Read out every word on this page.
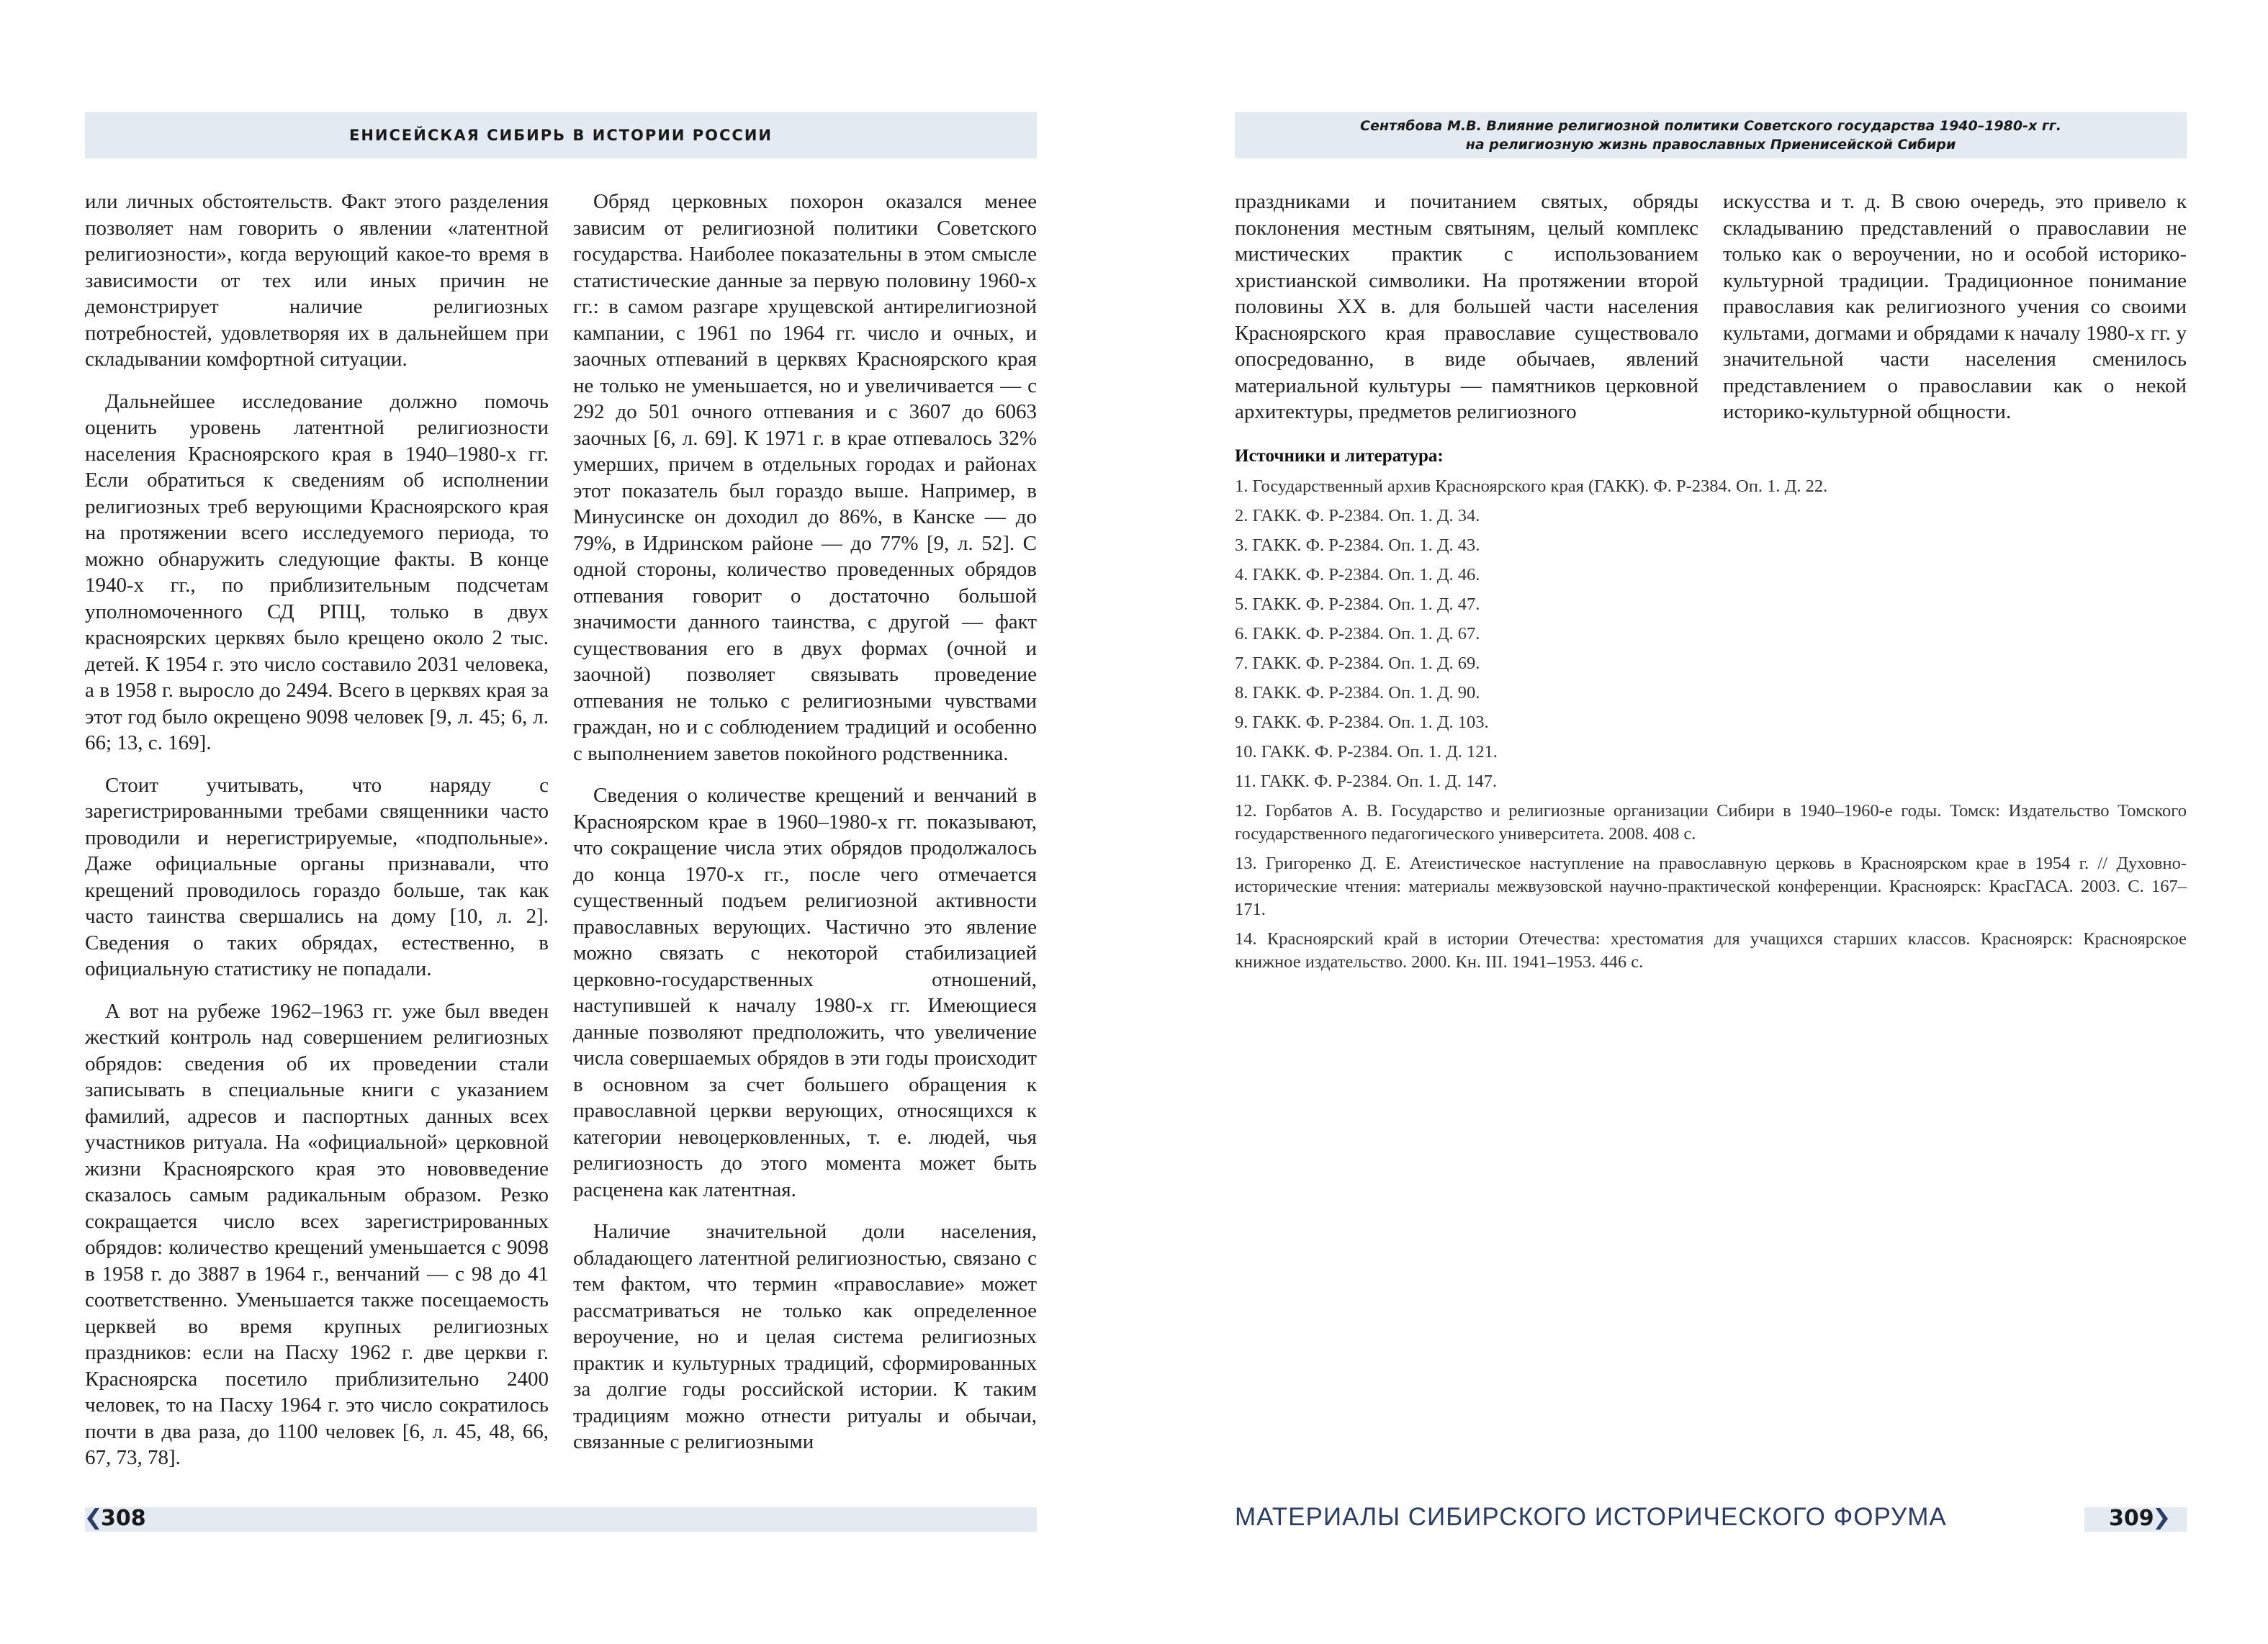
ЕНИСЕЙСКАЯ СИБИРЬ В ИСТОРИИ РОССИИ

или личных обстоятельств. Факт этого разделения позволяет нам говорить о явлении «латентной религиозности», когда верующий какое-то время в зависимости от тех или иных причин не демонстрирует наличие религиозных потребностей, удовлетворяя их в дальнейшем при складывании комфортной ситуации.

Дальнейшее исследование должно помочь оценить уровень латентной религиозности населения Красноярского края в 1940–1980-х гг. Если обратиться к сведениям об исполнении религиозных треб верующими Красноярского края на протяжении всего исследуемого периода, то можно обнаружить следующие факты. В конце 1940-х гг., по приблизительным подсчетам уполномоченного СД РПЦ, только в двух красноярских церквях было крещено около 2 тыс. детей. К 1954 г. это число составило 2031 человека, а в 1958 г. выросло до 2494. Всего в церквях края за этот год было окрещено 9098 человек [9, л. 45; 6, л. 66; 13, с. 169].

Стоит учитывать, что наряду с зарегистрированными требами священники часто проводили и нерегистрируемые, «подпольные». Даже официальные органы признавали, что крещений проводилось гораздо больше, так как часто таинства свершались на дому [10, л. 2]. Сведения о таких обрядах, естественно, в официальную статистику не попадали.

А вот на рубеже 1962–1963 гг. уже был введен жесткий контроль над совершением религиозных обрядов: сведения об их проведении стали записывать в специальные книги с указанием фамилий, адресов и паспортных данных всех участников ритуала. На «официальной» церковной жизни Красноярского края это нововведение сказалось самым радикальным образом. Резко сокращается число всех зарегистрированных обрядов: количество крещений уменьшается с 9098 в 1958 г. до 3887 в 1964 г., венчаний — с 98 до 41 соответственно. Уменьшается также посещаемость церквей во время крупных религиозных праздников: если на Пасху 1962 г. две церкви г. Красноярска посетило приблизительно 2400 человек, то на Пасху 1964 г. это число сократилось почти в два раза, до 1100 человек [6, л. 45, 48, 66, 67, 73, 78].

Обряд церковных похорон оказался менее зависим от религиозной политики Советского государства. Наиболее показательны в этом смысле статистические данные за первую половину 1960-х гг.: в самом разгаре хрущевской антирелигиозной кампании, с 1961 по 1964 гг. число и очных, и заочных отпеваний в церквях Красноярского края не только не уменьшается, но и увеличивается — с 292 до 501 очного отпевания и с 3607 до 6063 заочных [6, л. 69]. К 1971 г. в крае отпевалось 32% умерших, причем в отдельных городах и районах этот показатель был гораздо выше. Например, в Минусинске он доходил до 86%, в Канске — до 79%, в Идринском районе — до 77% [9, л. 52]. С одной стороны, количество проведенных обрядов отпевания говорит о достаточно большой значимости данного таинства, с другой — факт существования его в двух формах (очной и заочной) позволяет связывать проведение отпевания не только с религиозными чувствами граждан, но и с соблюдением традиций и особенно с выполнением заветов покойного родственника.

Сведения о количестве крещений и венчаний в Красноярском крае в 1960–1980-х гг. показывают, что сокращение числа этих обрядов продолжалось до конца 1970-х гг., после чего отмечается существенный подъем религиозной активности православных верующих. Частично это явление можно связать с некоторой стабилизацией церковно-государственных отношений, наступившей к началу 1980-х гг. Имеющиеся данные позволяют предположить, что увеличение числа совершаемых обрядов в эти годы происходит в основном за счет большего обращения к православной церкви верующих, относящихся к категории невоцерковленных, т. е. людей, чья религиозность до этого момента может быть расценена как латентная.

Наличие значительной доли населения, обладающего латентной религиозностью, связано с тем фактом, что термин «православие» может рассматриваться не только как определенное вероучение, но и целая система религиозных практик и культурных традиций, сформированных за долгие годы российской истории. К таким традициям можно отнести ритуалы и обычаи, связанные с религиозными

308
Сентябова М.В. Влияние религиозной политики Советского государства 1940–1980-х гг.
на религиозную жизнь православных Приенисейской Сибири

праздниками и почитанием святых, обряды поклонения местным святыням, целый комплекс мистических практик с использованием христианской символики. На протяжении второй половины XX в. для большей части населения Красноярского края православие существовало опосредованно, в виде обычаев, явлений материальной культуры — памятников церковной архитектуры, предметов религиозного

искусства и т. д. В свою очередь, это привело к складыванию представлений о православии не только как о вероучении, но и особой историко-культурной традиции. Традиционное понимание православия как религиозного учения со своими культами, догмами и обрядами к началу 1980-х гг. у значительной части населения сменилось представлением о православии как о некой историко-культурной общности.

Источники и литература:
1. Государственный архив Красноярского края (ГАКК). Ф. Р-2384. Оп. 1. Д. 22.
2. ГАКК. Ф. Р-2384. Оп. 1. Д. 34.
3. ГАКК. Ф. Р-2384. Оп. 1. Д. 43.
4. ГАКК. Ф. Р-2384. Оп. 1. Д. 46.
5. ГАКК. Ф. Р-2384. Оп. 1. Д. 47.
6. ГАКК. Ф. Р-2384. Оп. 1. Д. 67.
7. ГАКК. Ф. Р-2384. Оп. 1. Д. 69.
8. ГАКК. Ф. Р-2384. Оп. 1. Д. 90.
9. ГАКК. Ф. Р-2384. Оп. 1. Д. 103.
10. ГАКК. Ф. Р-2384. Оп. 1. Д. 121.
11. ГАКК. Ф. Р-2384. Оп. 1. Д. 147.
12. Горбатов А. В. Государство и религиозные организации Сибири в 1940–1960-е годы. Томск: Издательство Томского государственного педагогического университета. 2008. 408 с.
13. Григоренко Д. Е. Атеистическое наступление на православную церковь в Красноярском крае в 1954 г. // Духовно-исторические чтения: материалы межвузовской научно-практической конференции. Красноярск: КрасГАСА. 2003. С. 167–171.
14. Красноярский край в истории Отечества: хрестоматия для учащихся старших классов. Красноярск: Красноярское книжное издательство. 2000. Кн. III. 1941–1953. 446 с.
МАТЕРИАЛЫ СИБИРСКОГО ИСТОРИЧЕСКОГО ФОРУМА	309
